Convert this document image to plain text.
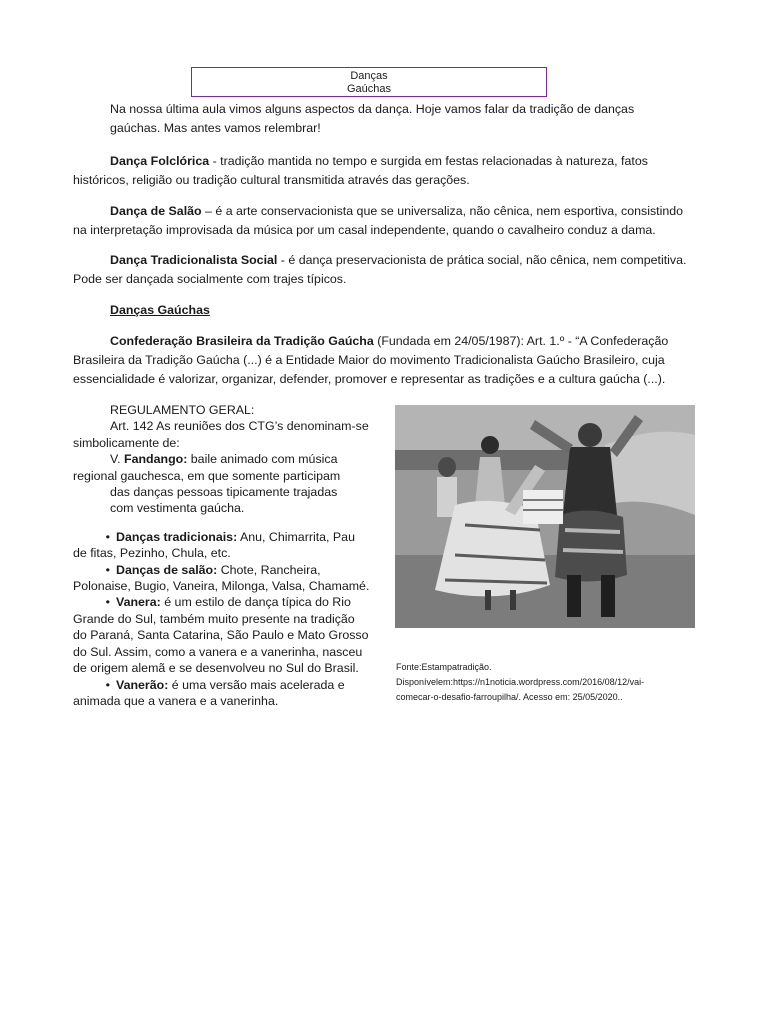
Danças
Gaúchas
Na nossa última aula vimos alguns aspectos da dança. Hoje vamos falar da tradição de danças
gaúchas. Mas antes vamos relembrar!
Dança Folclórica - tradição mantida no tempo e surgida em festas relacionadas à natureza, fatos
históricos, religião ou tradição cultural transmitida através das gerações.
Dança de Salão – é a arte conservacionista que se universaliza, não cênica, nem esportiva, consistindo
na interpretação improvisada da música por um casal independente, quando o cavalheiro conduz a dama.
Dança Tradicionalista Social - é dança preservacionista de prática social, não cênica, nem competitiva.
Pode ser dançada socialmente com trajes típicos.
Danças Gaúchas
Confederação Brasileira da Tradição Gaúcha (Fundada em 24/05/1987): Art. 1.º - “A Confederação
Brasileira da Tradição Gaúcha (...) é a Entidade Maior do movimento Tradicionalista Gaúcho Brasileiro, cuja
essencialidade é valorizar, organizar, defender, promover e representar as tradições e a cultura gaúcha (...).
REGULAMENTO GERAL:
Art. 142 As reuniões dos CTG’s denominam-se
simbolicamente de:
V. Fandango: baile animado com música
regional gauchesca, em que somente participam
das danças pessoas tipicamente trajadas
com vestimenta gaúcha.
• Danças tradicionais: Anu, Chimarrita, Pau
de fitas, Pezinho, Chula, etc.
• Danças de salão: Chote, Rancheira,
Polonaise, Bugio, Vaneira, Milonga, Valsa, Chamamé.
• Vanera: é um estilo de dança típica do Rio
Grande do Sul, também muito presente na tradição
do Paraná, Santa Catarina, São Paulo e Mato Grosso
do Sul. Assim, como a vanera e a vanerinha, nasceu
de origem alemã e se desenvolveu no Sul do Brasil.
• Vanerão: é uma versão mais acelerada e
animada que a vanera e a vanerinha.
Fonte:Estampatradição.
Disponívelem:https://n1noticia.wordpress.com/2016/08/12/vai-
comecar-o-desafio-farroupilha/. Acesso em: 25/05/2020..
